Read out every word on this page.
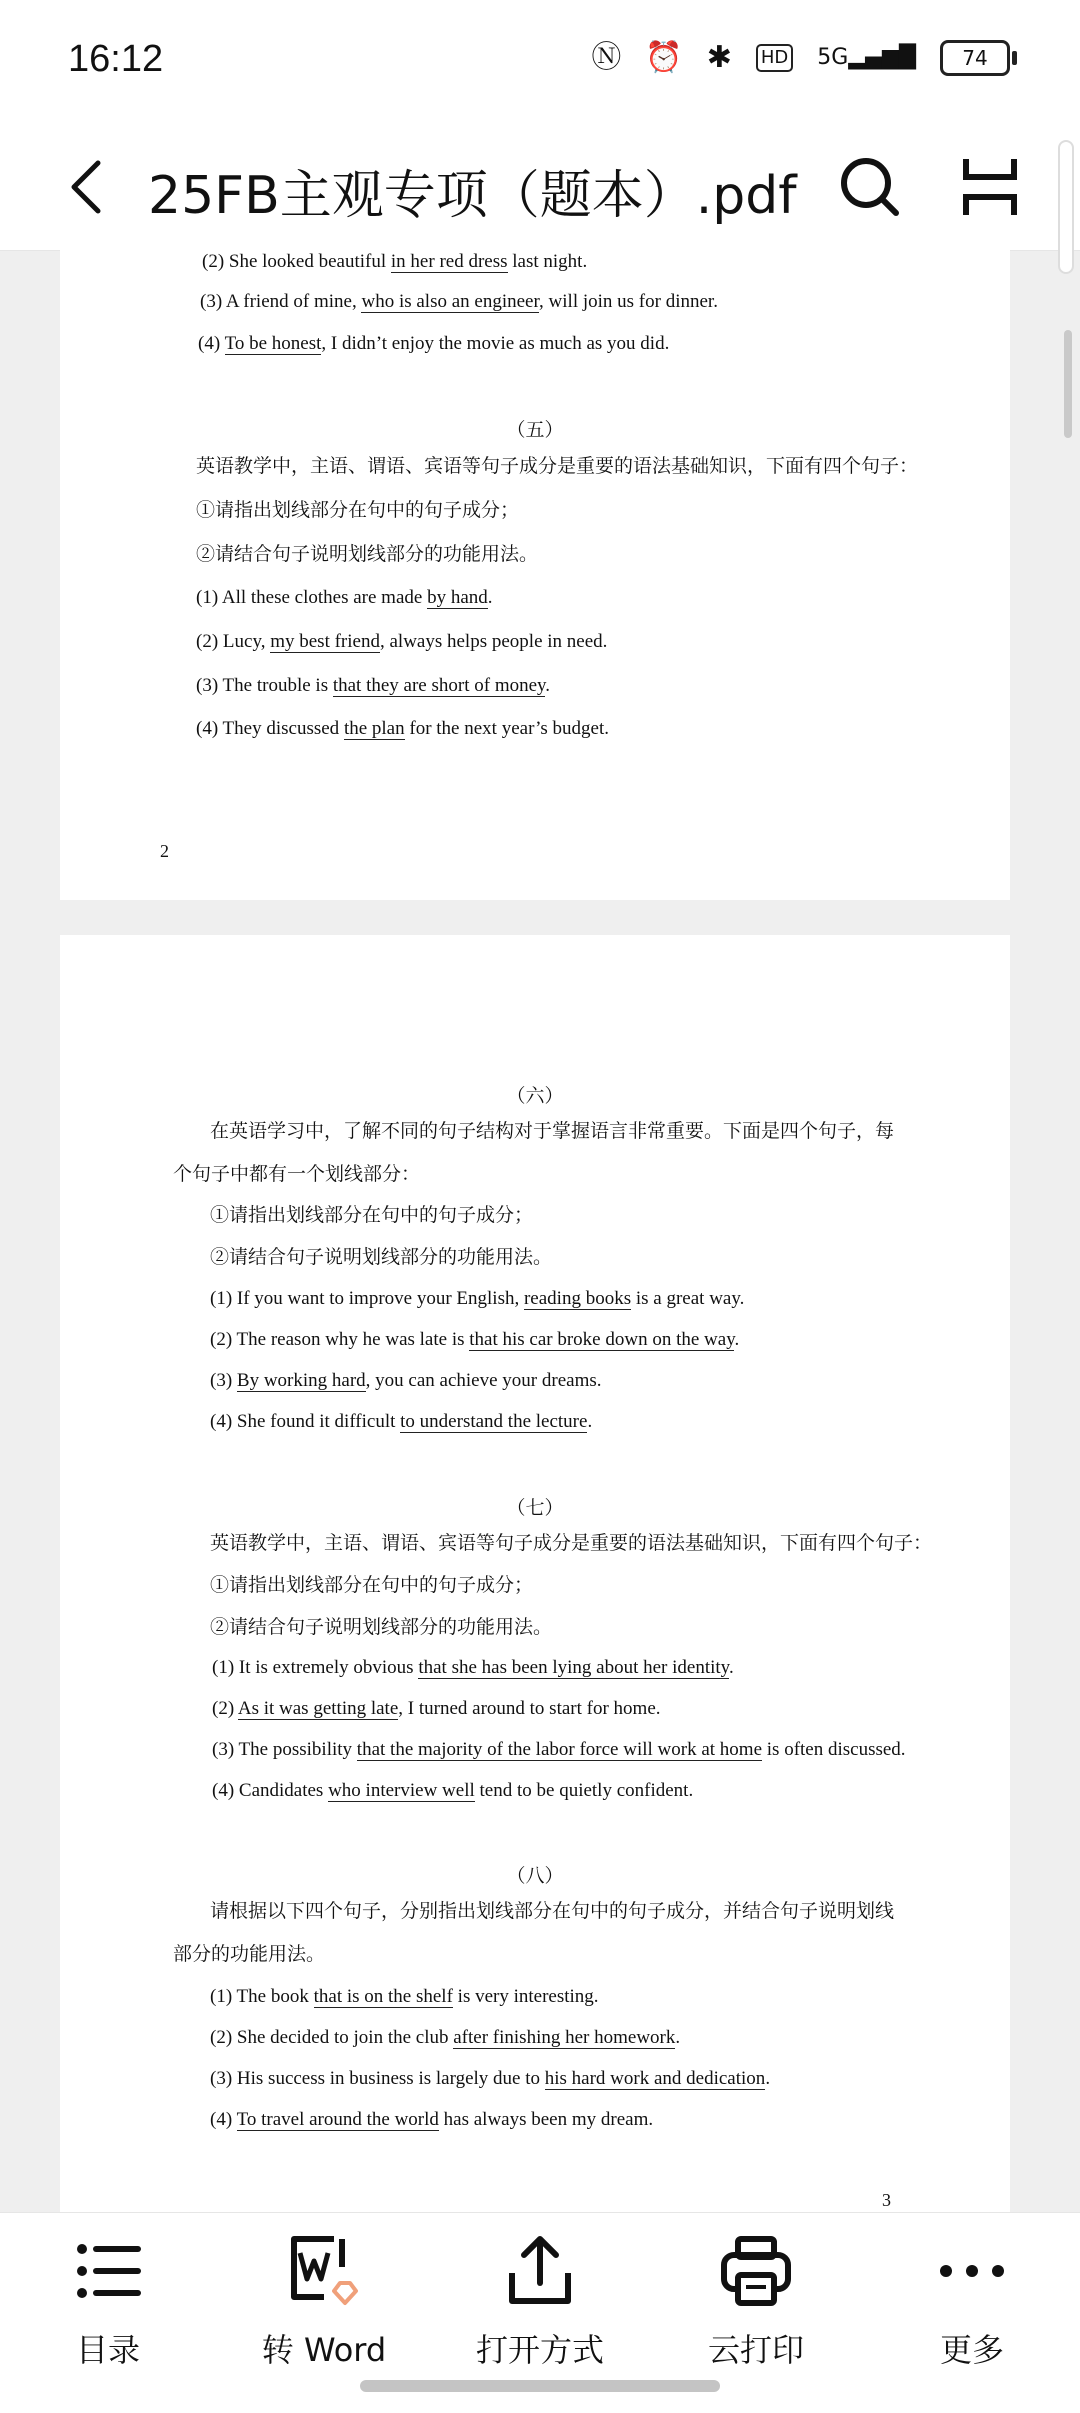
16:12	Ⓝ ⏰ ✱ HD 5G▂▄▆█ 74
25FB主观专项（题本）.pdf
(2) She looked beautiful in her red dress last night.
(3) A friend of mine, who is also an engineer, will join us for dinner.
(4) To be honest, I didn’t enjoy the movie as much as you did.
（五）
英语教学中，主语、谓语、宾语等句子成分是重要的语法基础知识，下面有四个句子：
①请指出划线部分在句中的句子成分；
②请结合句子说明划线部分的功能用法。
(1) All these clothes are made by hand.
(2) Lucy, my best friend, always helps people in need.
(3) The trouble is that they are short of money.
(4) They discussed the plan for the next year’s budget.
2
（六）
在英语学习中，了解不同的句子结构对于掌握语言非常重要。下面是四个句子，每
个句子中都有一个划线部分：
①请指出划线部分在句中的句子成分；
②请结合句子说明划线部分的功能用法。
(1) If you want to improve your English, reading books is a great way.
(2) The reason why he was late is that his car broke down on the way.
(3) By working hard, you can achieve your dreams.
(4) She found it difficult to understand the lecture.
（七）
英语教学中，主语、谓语、宾语等句子成分是重要的语法基础知识，下面有四个句子：
①请指出划线部分在句中的句子成分；
②请结合句子说明划线部分的功能用法。
(1) It is extremely obvious that she has been lying about her identity.
(2) As it was getting late, I turned around to start for home.
(3) The possibility that the majority of the labor force will work at home is often discussed.
(4) Candidates who interview well tend to be quietly confident.
（八）
请根据以下四个句子，分别指出划线部分在句中的句子成分，并结合句子说明划线
部分的功能用法。
(1) The book that is on the shelf is very interesting.
(2) She decided to join the club after finishing her homework.
(3) His success in business is largely due to his hard work and dedication.
(4) To travel around the world has always been my dream.
3
目录	转 Word	打开方式	云打印	更多
